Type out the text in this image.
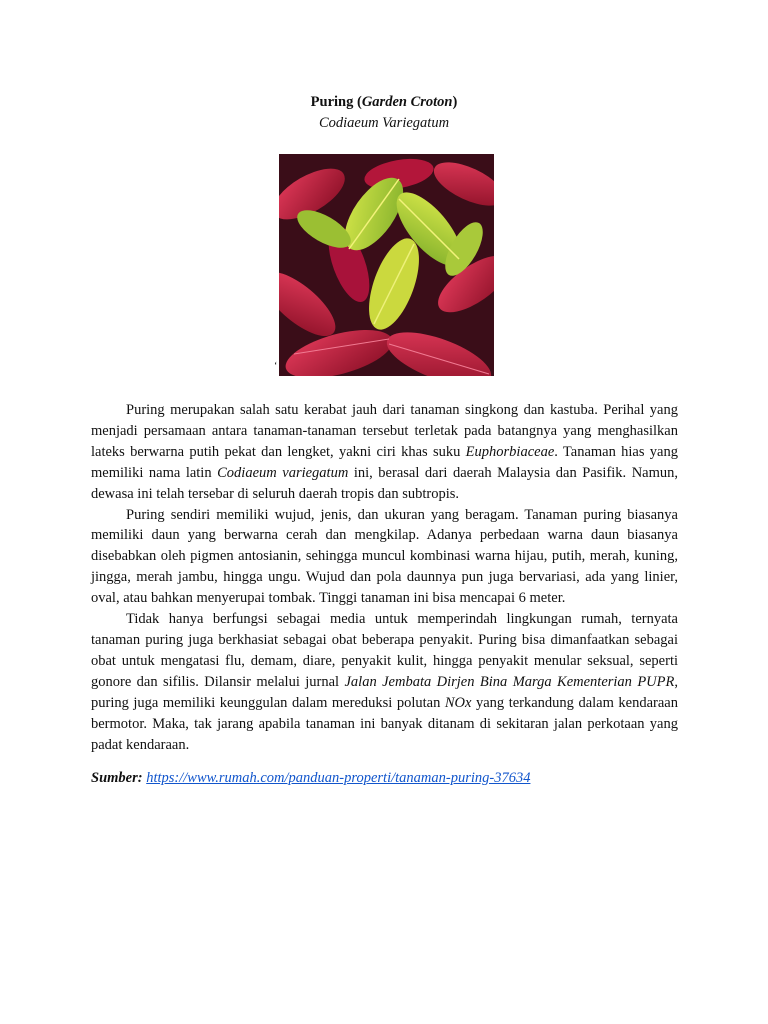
Puring (Garden Croton)
Codiaeum Variegatum
‘

Puring merupakan salah satu kerabat jauh dari tanaman singkong dan kastuba. Perihal yang menjadi persamaan antara tanaman-tanaman tersebut terletak pada batangnya yang menghasilkan lateks berwarna putih pekat dan lengket, yakni ciri khas suku Euphorbiaceae. Tanaman hias yang memiliki nama latin Codiaeum variegatum ini, berasal dari daerah Malaysia dan Pasifik. Namun, dewasa ini telah tersebar di seluruh daerah tropis dan subtropis.

Puring sendiri memiliki wujud, jenis, dan ukuran yang beragam. Tanaman puring biasanya memiliki daun yang berwarna cerah dan mengkilap. Adanya perbedaan warna daun biasanya disebabkan oleh pigmen antosianin, sehingga muncul kombinasi warna hijau, putih, merah, kuning, jingga, merah jambu, hingga ungu. Wujud dan pola daunnya pun juga bervariasi, ada yang linier, oval, atau bahkan menyerupai tombak. Tinggi tanaman ini bisa mencapai 6 meter.

Tidak hanya berfungsi sebagai media untuk memperindah lingkungan rumah, ternyata tanaman puring juga berkhasiat sebagai obat beberapa penyakit. Puring bisa dimanfaatkan sebagai obat untuk mengatasi flu, demam, diare, penyakit kulit, hingga penyakit menular seksual, seperti gonore dan sifilis. Dilansir melalui jurnal Jalan Jembata Dirjen Bina Marga Kementerian PUPR, puring juga memiliki keunggulan dalam mereduksi polutan NOx yang terkandung dalam kendaraan bermotor. Maka, tak jarang apabila tanaman ini banyak ditanam di sekitaran jalan perkotaan yang padat kendaraan.

Sumber: https://www.rumah.com/panduan-properti/tanaman-puring-37634
